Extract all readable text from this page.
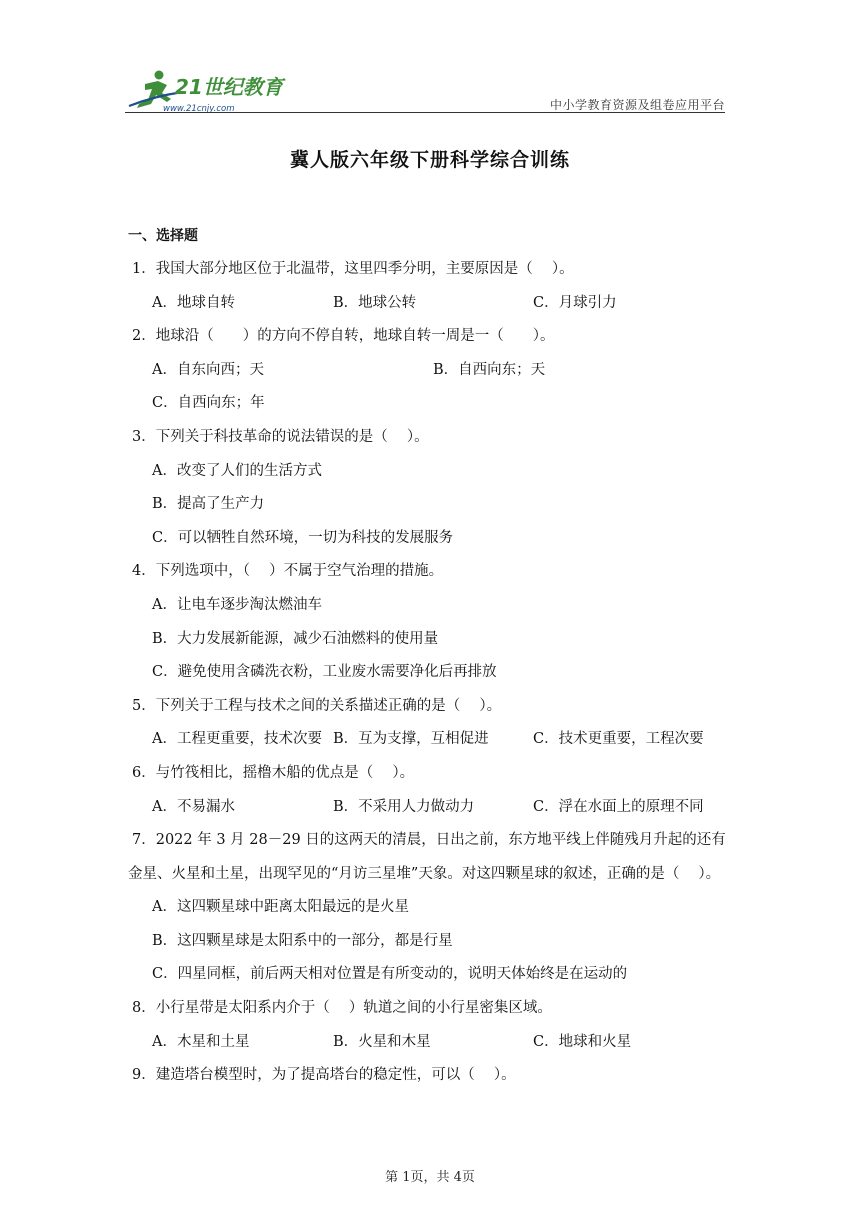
21世纪教育
www.21cnjy.com	中小学教育资源及组卷应用平台
冀人版六年级下册科学综合训练
一、选择题
1．我国大部分地区位于北温带，这里四季分明，主要原因是（　 ）。
A．地球自转	B．地球公转	C．月球引力
2．地球沿（　　）的方向不停自转，地球自转一周是一（　　）。
A．自东向西；天	B．自西向东；天
C．自西向东；年
3．下列关于科技革命的说法错误的是（　 ）。
A．改变了人们的生活方式
B．提高了生产力
C．可以牺牲自然环境，一切为科技的发展服务
4．下列选项中，（　 ）不属于空气治理的措施。
A．让电车逐步淘汰燃油车
B．大力发展新能源，减少石油燃料的使用量
C．避免使用含磷洗衣粉，工业废水需要净化后再排放
5．下列关于工程与技术之间的关系描述正确的是（　 ）。
A．工程更重要，技术次要 B．互为支撑，互相促进	C．技术更重要，工程次要
6．与竹筏相比，摇橹木船的优点是（　 ）。
A．不易漏水	B．不采用人力做动力	C．浮在水面上的原理不同
7．2022 年 3 月 28－29 日的这两天的清晨，日出之前，东方地平线上伴随残月升起的还有
金星、火星和土星，出现罕见的“月访三星堆”天象。对这四颗星球的叙述，正确的是（　 ）。
A．这四颗星球中距离太阳最远的是火星
B．这四颗星球是太阳系中的一部分，都是行星
C．四星同框，前后两天相对位置是有所变动的，说明天体始终是在运动的
8．小行星带是太阳系内介于（　 ）轨道之间的小行星密集区域。
A．木星和土星	B．火星和木星	C．地球和火星
9．建造塔台模型时，为了提高塔台的稳定性，可以（　 ）。
第 1页，共 4页
